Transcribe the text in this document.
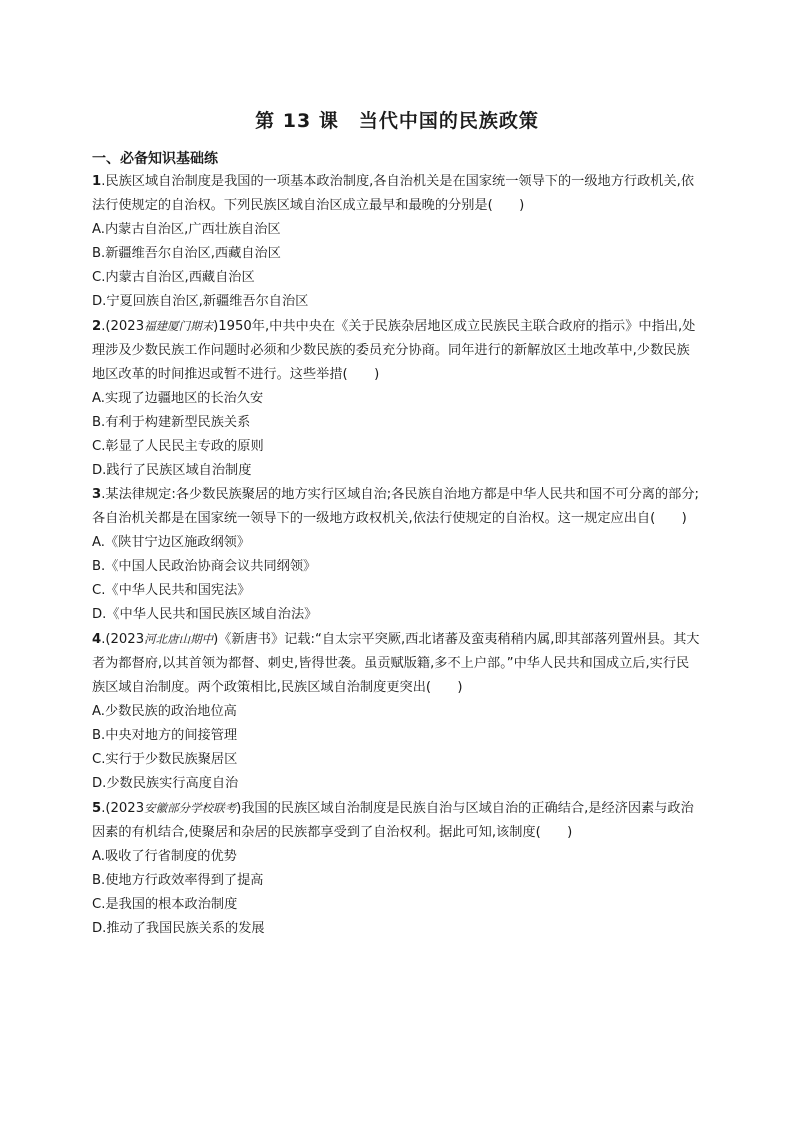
第 13 课　当代中国的民族政策
一、必备知识基础练

1.民族区域自治制度是我国的一项基本政治制度,各自治机关是在国家统一领导下的一级地方行政机关,依法行使规定的自治权。下列民族区域自治区成立最早和最晚的分别是(　　)

A.内蒙古自治区,广西壮族自治区

B.新疆维吾尔自治区,西藏自治区

C.内蒙古自治区,西藏自治区

D.宁夏回族自治区,新疆维吾尔自治区

2.(2023福建厦门期末)1950年,中共中央在《关于民族杂居地区成立民族民主联合政府的指示》中指出,处理涉及少数民族工作问题时必须和少数民族的委员充分协商。同年进行的新解放区土地改革中,少数民族地区改革的时间推迟或暂不进行。这些举措(　　)

A.实现了边疆地区的长治久安

B.有利于构建新型民族关系

C.彰显了人民民主专政的原则

D.践行了民族区域自治制度

3.某法律规定:各少数民族聚居的地方实行区域自治;各民族自治地方都是中华人民共和国不可分离的部分;各自治机关都是在国家统一领导下的一级地方政权机关,依法行使规定的自治权。这一规定应出自(　　)

A.《陕甘宁边区施政纲领》

B.《中国人民政治协商会议共同纲领》

C.《中华人民共和国宪法》

D.《中华人民共和国民族区域自治法》

4.(2023河北唐山期中)《新唐书》记载:“自太宗平突厥,西北诸蕃及蛮夷稍稍内属,即其部落列置州县。其大者为都督府,以其首领为都督、刺史,皆得世袭。虽贡赋版籍,多不上户部。”中华人民共和国成立后,实行民族区域自治制度。两个政策相比,民族区域自治制度更突出(　　)

A.少数民族的政治地位高

B.中央对地方的间接管理

C.实行于少数民族聚居区

D.少数民族实行高度自治

5.(2023安徽部分学校联考)我国的民族区域自治制度是民族自治与区域自治的正确结合,是经济因素与政治因素的有机结合,使聚居和杂居的民族都享受到了自治权利。据此可知,该制度(　　)

A.吸收了行省制度的优势

B.使地方行政效率得到了提高

C.是我国的根本政治制度

D.推动了我国民族关系的发展
